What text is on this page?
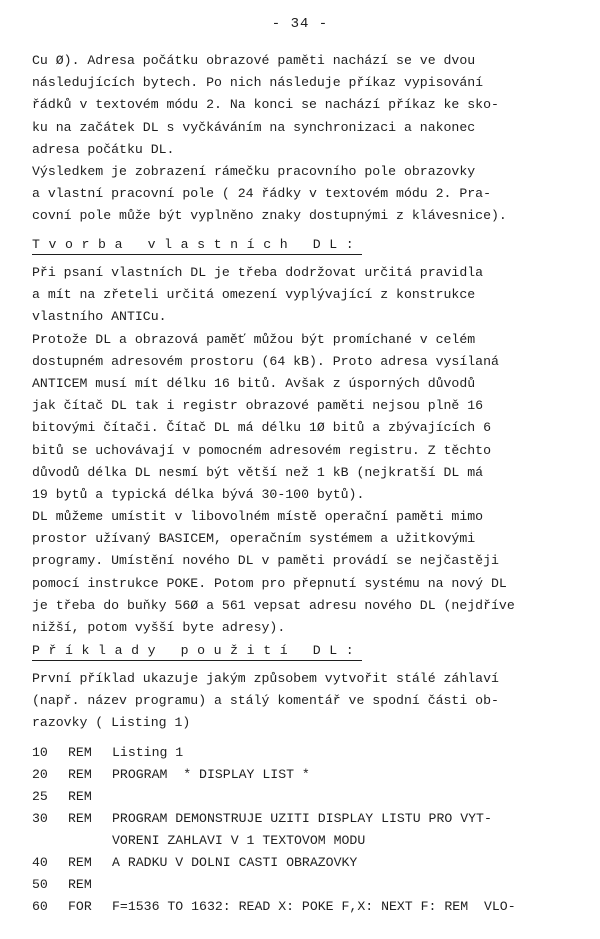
- 34 -
Cu Ø). Adresa počátku obrazové paměti nachází se ve dvou
následujících bytech. Po nich následuje příkaz vypisování
řádků v textovém módu 2. Na konci se nachází příkaz ke sko-
ku na začátek DL s vyčkáváním na synchronizaci a nakonec
adresa počátku DL.
Výsledkem je zobrazení rámečku pracovního pole obrazovky
a vlastní pracovní pole ( 24 řádky v textovém módu 2. Pra-
covní pole může být vyplněno znaky dostupnými z klávesnice).
Tvorba vlastních DL:
Při psaní vlastních DL je třeba dodržovat určitá pravidla
a mít na zřeteli určitá omezení vyplývající z konstrukce
vlastního ANTICu.
Protože DL a obrazová paměť můžou být promíchané v celém
dostupném adresovém prostoru (64 kB). Proto adresa vysílaná
ANTICEM musí mít délku 16 bitů. Avšak z úsporných důvodů
jak čítač DL tak i registr obrazové paměti nejsou plně 16
bitovými čítači. Čítač DL má délku 1Ø bitů a zbývajících 6
bitů se uchovávají v pomocném adresovém registru. Z těchto
důvodů délka DL nesmí být větší než 1 kB (nejkratší DL má
19 bytů a typická délka bývá 30-100 bytů).
DL můžeme umístit v libovolném místě operační paměti mimo
prostor užívaný BASICEM, operačním systémem a užitkovými
programy. Umístění nového DL v paměti provádí se nejčastěji
pomocí instrukce POKE. Potom pro přepnutí systému na nový DL
je třeba do buňky 56Ø a 561 vepsat adresu nového DL (nejdříve
nižší, potom vyšší byte adresy).
Příklady použití DL:
První příklad ukazuje jakým způsobem vytvořit stálé záhlaví
(např. název programu) a stálý komentář ve spodní části ob-
razovky ( Listing 1)
10 REM Listing 1
20 REM PROGRAM  * DISPLAY LIST *
25 REM
30 REM PROGRAM DEMONSTRUJE UZITI DISPLAY LISTU PRO VYT-
VORENI ZAHLAVI V 1 TEXTOVOM MODU
40 REM A RADKU V DOLNI CASTI OBRAZOVKY
50 REM
60 FOR F=1536 TO 1632: READ X: POKE F,X: NEXT F: REM  VLO-
